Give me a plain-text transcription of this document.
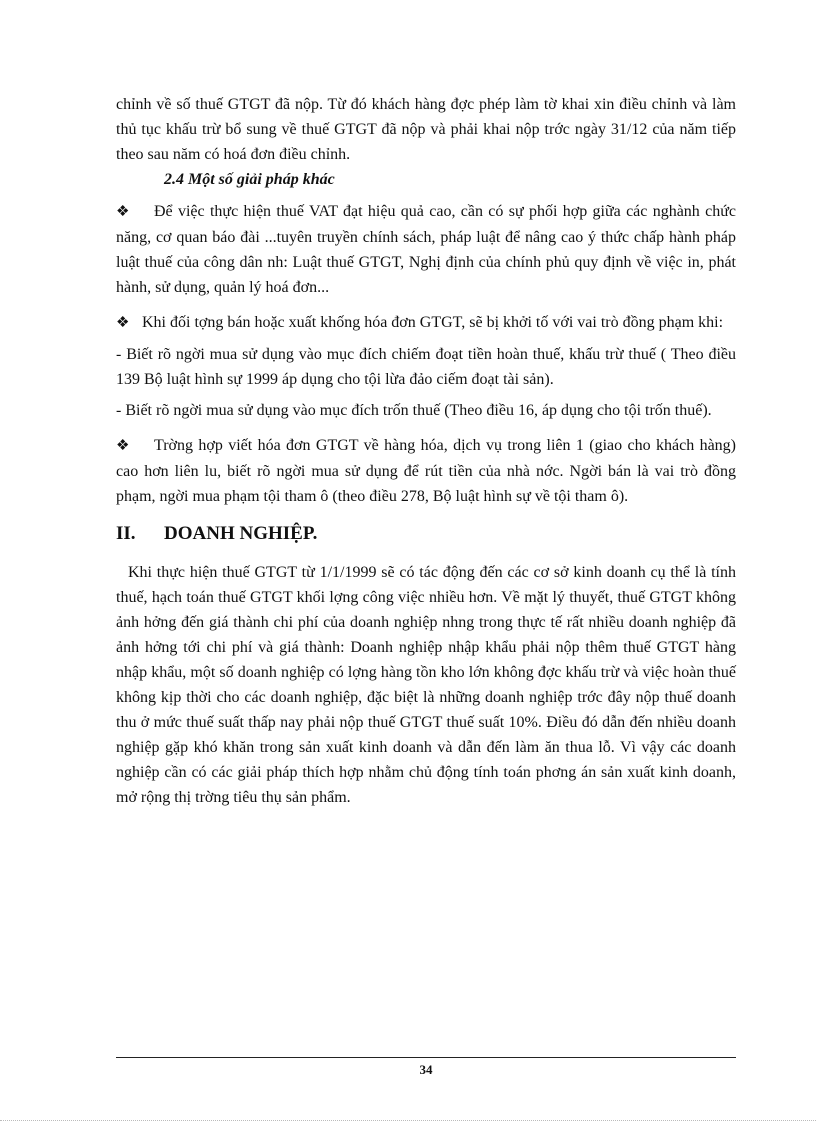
chỉnh về số thuế GTGT đã nộp. Từ đó khách hàng đợc phép làm tờ khai xin điều chỉnh và làm thủ tục khấu trừ bổ sung về thuế GTGT đã nộp và phải khai nộp trớc ngày 31/12 của năm tiếp theo sau năm có hoá đơn điều chỉnh.

2.4 Một số giải pháp khác

❖ Để việc thực hiện thuế VAT đạt hiệu quả cao, cần có sự phối hợp giữa các nghành chức năng, cơ quan báo đài ...tuyên truyền chính sách, pháp luật để nâng cao ý thức chấp hành pháp luật thuế của công dân nh: Luật thuế GTGT, Nghị định của chính phủ quy định về việc in, phát hành, sử dụng, quản lý hoá đơn...

❖ Khi đối tợng bán hoặc xuất khống hóa đơn GTGT, sẽ bị khởi tố với vai trò đồng phạm khi:

- Biết rõ ngời mua sử dụng vào mục đích chiếm đoạt tiền hoàn thuế, khấu trừ thuế ( Theo điều 139 Bộ luật hình sự 1999 áp dụng cho tội lừa đảo ciếm đoạt tài sản).

- Biết rõ ngời mua sử dụng vào mục đích trốn thuế (Theo điều 16, áp dụng cho tội trốn thuế).

❖ Trờng hợp viết hóa đơn GTGT về hàng hóa, dịch vụ trong liên 1 (giao cho khách hàng) cao hơn liên lu, biết rõ ngời mua sử dụng để rút tiền của nhà nớc. Ngời bán là vai trò đồng phạm, ngời mua phạm tội tham ô (theo điều 278, Bộ luật hình sự về tội tham ô).

II.	DOANH NGHIỆP.

Khi thực hiện thuế GTGT từ 1/1/1999 sẽ có tác động đến các cơ sở kinh doanh cụ thể là tính thuế, hạch toán thuế GTGT khối lợng công việc nhiều hơn. Về mặt lý thuyết, thuế GTGT không ảnh hởng đến giá thành chi phí của doanh nghiệp nhng trong thực tế rất nhiều doanh nghiệp đã ảnh hởng tới chi phí và giá thành: Doanh nghiệp nhập khẩu phải nộp thêm thuế GTGT hàng nhập khẩu, một số doanh nghiệp có lợng hàng tồn kho lớn không đợc khấu trừ và việc hoàn thuế không kịp thời cho các doanh nghiệp, đặc biệt là những doanh nghiệp trớc đây nộp thuế doanh thu ở mức thuế suất thấp nay phải nộp thuế GTGT thuế suất 10%. Điều đó dẫn đến nhiều doanh nghiệp gặp khó khăn trong sản xuất kinh doanh và dẫn đến làm ăn thua lỗ. Vì vậy các doanh nghiệp cần có các giải pháp thích hợp nhằm chủ động tính toán phơng án sản xuất kinh doanh, mở rộng thị trờng tiêu thụ sản phẩm.

34
